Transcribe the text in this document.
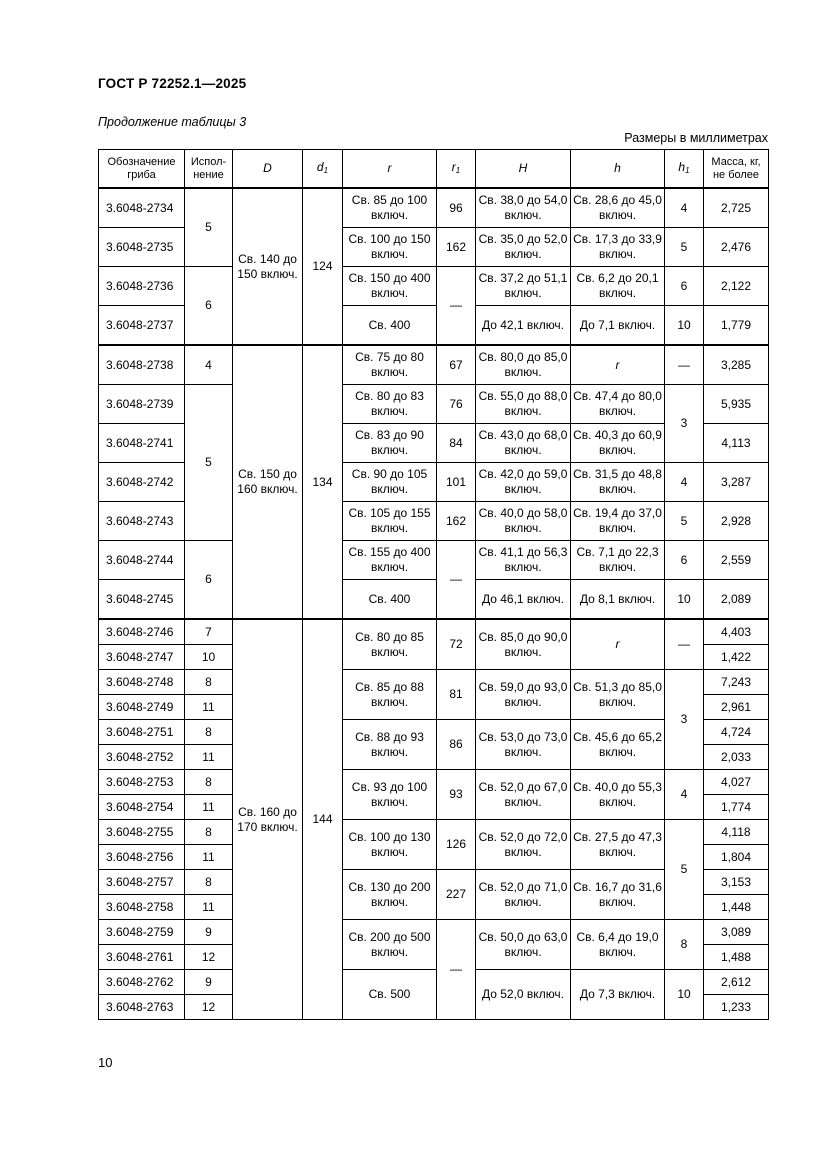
ГОСТ Р 72252.1—2025
Продолжение таблицы 3
Размеры в миллиметрах
Обозначение гриба	Испол-нение	D	$d_1$	r	$r_1$	H	h	$h_1$	Масса, кг, не более
3.6048-2734	5	Св. 140 до 150 включ.	124	Св. 85 до 100 включ.	96	Св. 38,0 до 54,0 включ.	Св. 28,6 до 45,0 включ.	4	2,725
3.6048-2735				Св. 100 до 150 включ.	162	Св. 35,0 до 52,0 включ.	Св. 17,3 до 33,9 включ.	5	2,476
3.6048-2736	6			Св. 150 до 400 включ.	—	Св. 37,2 до 51,1 включ.	Св. 6,2 до 20,1 включ.	6	2,122
3.6048-2737				Св. 400		До 42,1 включ.	До 7,1 включ.	10	1,779
3.6048-2738	4	Св. 150 до 160 включ.	134	Св. 75 до 80 включ.	67	Св. 80,0 до 85,0 включ.	r	—	3,285
3.6048-2739	5			Св. 80 до 83 включ.	76	Св. 55,0 до 88,0 включ.	Св. 47,4 до 80,0 включ.	3	5,935
3.6048-2741				Св. 83 до 90 включ.	84	Св. 43,0 до 68,0 включ.	Св. 40,3 до 60,9 включ.		4,113
3.6048-2742				Св. 90 до 105 включ.	101	Св. 42,0 до 59,0 включ.	Св. 31,5 до 48,8 включ.	4	3,287
3.6048-2743				Св. 105 до 155 включ.	162	Св. 40,0 до 58,0 включ.	Св. 19,4 до 37,0 включ.	5	2,928
3.6048-2744	6			Св. 155 до 400 включ.	—	Св. 41,1 до 56,3 включ.	Св. 7,1 до 22,3 включ.	6	2,559
3.6048-2745				Св. 400		До 46,1 включ.	До 8,1 включ.	10	2,089
3.6048-2746	7	Св. 160 до 170 включ.	144	Св. 80 до 85 включ.	72	Св. 85,0 до 90,0 включ.	r	—	4,403
3.6048-2747	10								1,422
3.6048-2748	8			Св. 85 до 88 включ.	81	Св. 59,0 до 93,0 включ.	Св. 51,3 до 85,0 включ.	3	7,243
3.6048-2749	11								2,961
3.6048-2751	8			Св. 88 до 93 включ.	86	Св. 53,0 до 73,0 включ.	Св. 45,6 до 65,2 включ.		4,724
3.6048-2752	11								2,033
3.6048-2753	8			Св. 93 до 100 включ.	93	Св. 52,0 до 67,0 включ.	Св. 40,0 до 55,3 включ.	4	4,027
3.6048-2754	11								1,774
3.6048-2755	8			Св. 100 до 130 включ.	126	Св. 52,0 до 72,0 включ.	Св. 27,5 до 47,3 включ.	5	4,118
3.6048-2756	11								1,804
3.6048-2757	8			Св. 130 до 200 включ.	227	Св. 52,0 до 71,0 включ.	Св. 16,7 до 31,6 включ.		3,153
3.6048-2758	11								1,448
3.6048-2759	9			Св. 200 до 500 включ.	—	Св. 50,0 до 63,0 включ.	Св. 6,4 до 19,0 включ.	8	3,089
3.6048-2761	12								1,488
3.6048-2762	9			Св. 500		До 52,0 включ.	До 7,3 включ.	10	2,612
3.6048-2763	12								1,233
10
